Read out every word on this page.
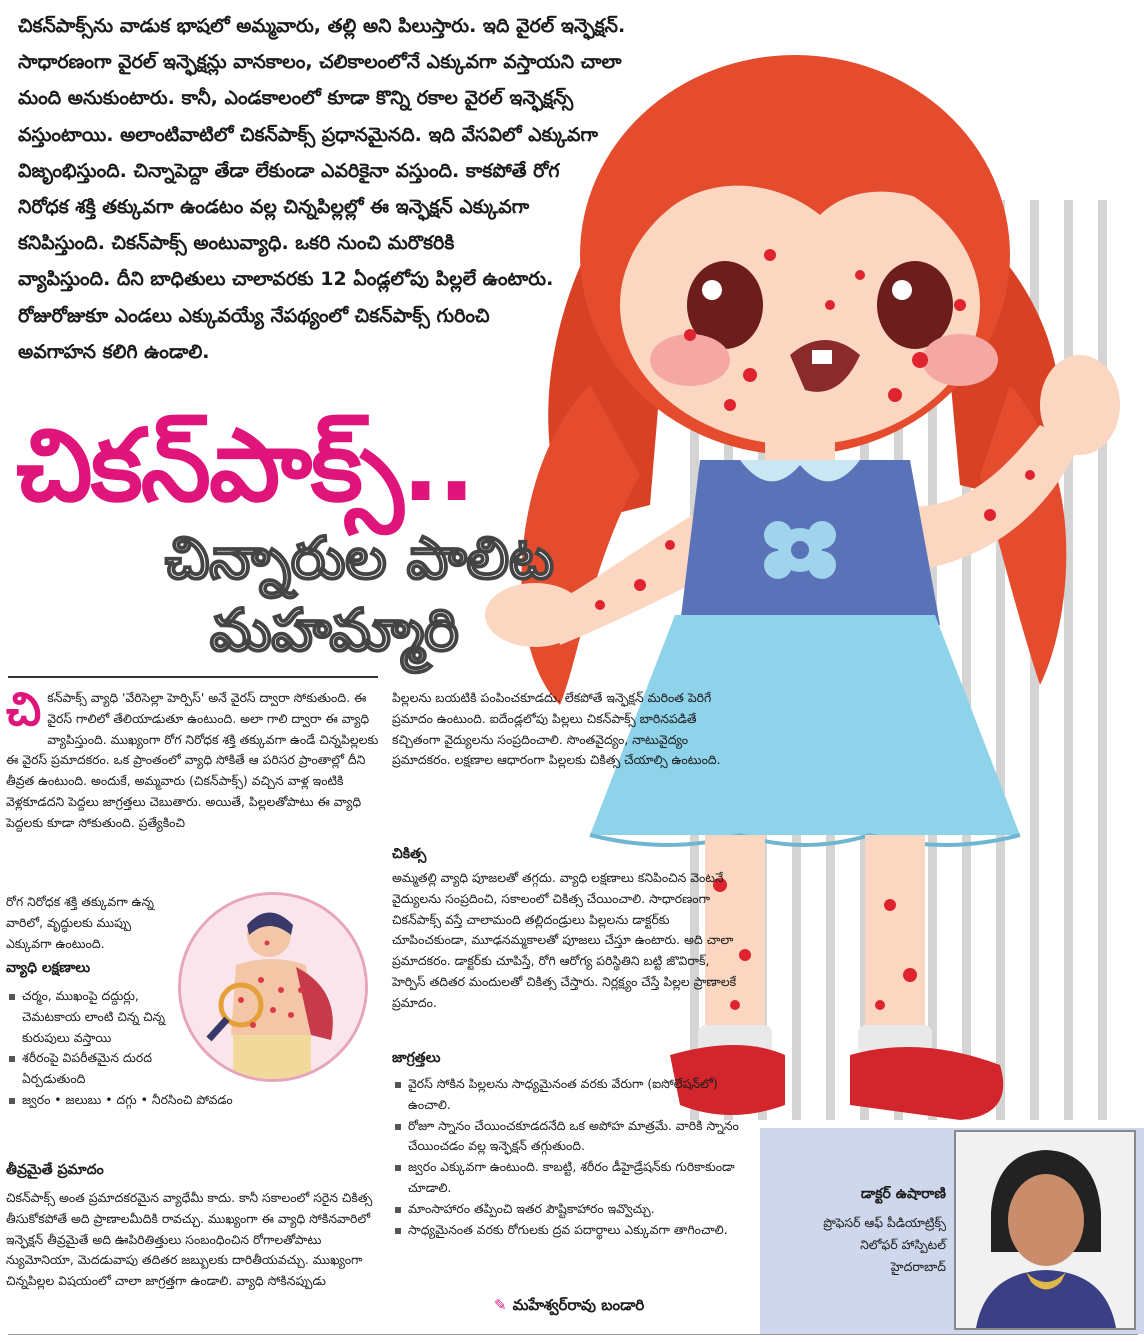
చికన్‌పాక్స్‌ను వాడుక భాషలో అమ్మవారు, తల్లి అని పిలుస్తారు. ఇది వైరల్ ఇన్ఫెక్షన్.

సాధారణంగా వైరల్ ఇన్ఫెక్షన్లు వానకాలం, చలికాలంలోనే ఎక్కువగా వస్తాయని చాలా

మంది అనుకుంటారు. కానీ, ఎండకాలంలో కూడా కొన్ని రకాల వైరల్ ఇన్ఫెక్షన్స్

వస్తుంటాయి. అలాంటివాటిలో చికన్‌పాక్స్ ప్రధానమైనది. ఇది వేసవిలో ఎక్కువగా

విజృంభిస్తుంది. చిన్నాపెద్దా తేడా లేకుండా ఎవరికైనా వస్తుంది. కాకపోతే రోగ

నిరోధక శక్తి తక్కువగా ఉండటం వల్ల చిన్నపిల్లల్లో ఈ ఇన్ఫెక్షన్ ఎక్కువగా

కనిపిస్తుంది. చికన్‌పాక్స్ అంటువ్యాధి. ఒకరి నుంచి మరొకరికి

వ్యాపిస్తుంది. దీని బాధితులు చాలావరకు 12 ఏండ్లలోపు పిల్లలే ఉంటారు.

రోజురోజుకూ ఎండలు ఎక్కువయ్యే నేపథ్యంలో చికన్‌పాక్స్ గురించి

అవగాహన కలిగి ఉండాలి.

చికన్‌పాక్స్..
చిన్నారుల పాలిట
మహమ్మారి
చి కన్‌పాక్స్ వ్యాధి 'వేరిసెల్లా హెర్పిస్' అనే వైరస్ ద్వారా సోకుతుంది. ఈ వైరస్ గాలిలో తేలియాడుతూ ఉంటుంది. అలా గాలి ద్వారా ఈ వ్యాధి వ్యాపిస్తుంది. ముఖ్యంగా రోగ నిరోధక శక్తి తక్కువగా ఉండే చిన్నపిల్లలకు ఈ వైరస్ ప్రమాదకరం. ఒక ప్రాంతంలో వ్యాధి సోకితే ఆ పరిసర ప్రాంతాల్లో దీని తీవ్రత ఉంటుంది. అందుకే, అమ్మవారు (చికన్‌పాక్స్) వచ్చిన వాళ్ల ఇంటికి వెళ్లకూడదని పెద్దలు జాగ్రత్తలు చెబుతారు. అయితే, పిల్లలతోపాటు ఈ వ్యాధి పెద్దలకు కూడా సోకుతుంది. ప్రత్యేకించి

రోగ నిరోధక శక్తి తక్కువగా ఉన్న వారిలో, వృద్ధులకు ముప్పు ఎక్కువగా ఉంటుంది.

వ్యాధి లక్షణాలు
చర్మం, ముఖంపై దద్దుర్లు, చెమటకాయ లాంటి చిన్న చిన్న కురుపులు వస్తాయి
శరీరంపై విపరీతమైన దురద ఏర్పడుతుంది
జ్వరం • జలుబు • దగ్గు • నీరసించి పోవడం
తీవ్రమైతే ప్రమాదం

చికన్‌పాక్స్ అంత ప్రమాదకరమైన వ్యాధేమీ కాదు. కానీ సకాలంలో సరైన చికిత్స తీసుకోకపోతే అది ప్రాణాలమీదికి రావచ్చు. ముఖ్యంగా ఈ వ్యాధి సోకినవారిలో ఇన్ఫెక్షన్ తీవ్రమైతే అది ఊపిరితిత్తులు సంబంధించిన రోగాలతోపాటు న్యుమోనియా, మెదడువాపు తదితర జబ్బులకు దారితీయవచ్చు. ముఖ్యంగా చిన్నపిల్లల విషయంలో చాలా జాగ్రత్తగా ఉండాలి. వ్యాధి సోకినప్పుడు

పిల్లలను బయటికి పంపించకూడదు. లేకపోతే ఇన్ఫెక్షన్ మరింత పెరిగే ప్రమాదం ఉంటుంది. ఐదేండ్లలోపు పిల్లలు చికన్‌పాక్స్ బారినపడితే కచ్చితంగా వైద్యులను సంప్రదించాలి. సొంతవైద్యం, నాటువైద్యం ప్రమాదకరం. లక్షణాల ఆధారంగా పిల్లలకు చికిత్స చేయాల్సి ఉంటుంది.

చికిత్స

అమ్మతల్లి వ్యాధి పూజలతో తగ్గదు. వ్యాధి లక్షణాలు కనిపించిన వెంటనే వైద్యులను సంప్రదించి, సకాలంలో చికిత్స చేయించాలి. సాధారణంగా చికన్‌పాక్స్ వస్తే చాలామంది తల్లిదండ్రులు పిల్లలను డాక్టర్‌కు చూపించకుండా, మూఢనమ్మకాలతో పూజలు చేస్తూ ఉంటారు. అది చాలా ప్రమాదకరం. డాక్టర్‌కు చూపిస్తే, రోగి ఆరోగ్య పరిస్థితిని బట్టి జొవిరాక్, హెర్పిస్ తదితర మందులతో చికిత్స చేస్తారు. నిర్లక్ష్యం చేస్తే పిల్లల ప్రాణాలకే ప్రమాదం.

జాగ్రత్తలు
వైరస్ సోకిన పిల్లలను సాధ్యమైనంత వరకు వేరుగా (ఐసోలేషన్‌లో) ఉంచాలి.
రోజూ స్నానం చేయించకూడదనేది ఒక అపోహ మాత్రమే. వారికి స్నానం చేయించడం వల్ల ఇన్ఫెక్షన్ తగ్గుతుంది.
జ్వరం ఎక్కువగా ఉంటుంది. కాబట్టి, శరీరం డీహైడ్రేషన్‌కు గురికాకుండా చూడాలి.
మాంసాహారం తప్పించి ఇతర పౌష్టికాహారం ఇవ్వొచ్చు.
సాధ్యమైనంత వరకు రోగులకు ద్రవ పదార్థాలు ఎక్కువగా తాగించాలి.
✎ మహేశ్వర్‌రావు బండారి
డాక్టర్ ఉషారాణి
ప్రొఫెసర్ ఆఫ్ పీడియాట్రిక్స్
నిలోఫర్ హాస్పిటల్
హైదరాబాద్
